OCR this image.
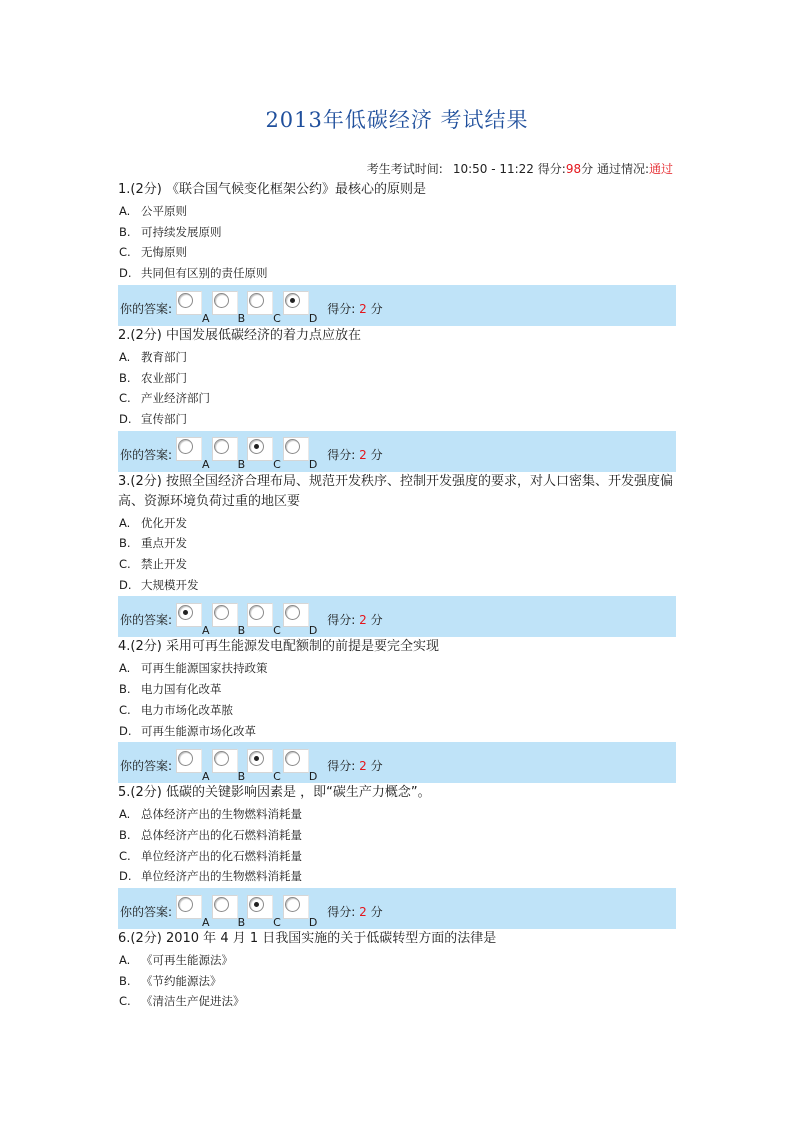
2013年低碳经济 考试结果
考生考试时间: 10:50 - 11:22 得分:98分 通过情况:通过
1.(2分) 《联合国气候变化框架公约》最核心的原则是
A. 公平原则
B. 可持续发展原则
C. 无悔原则
D. 共同但有区别的责任原则
你的答案:
A	B	C	D
得分: 2 分
2.(2分) 中国发展低碳经济的着力点应放在
A. 教育部门
B. 农业部门
C. 产业经济部门
D. 宣传部门
你的答案:
A	B	C	D
得分: 2 分
3.(2分) 按照全国经济合理布局、规范开发秩序、控制开发强度的要求，对人口密集、开发强度偏高、资源环境负荷过重的地区要
A. 优化开发
B. 重点开发
C. 禁止开发
D. 大规模开发
你的答案:
A	B	C	D
得分: 2 分
4.(2分) 采用可再生能源发电配额制的前提是要完全实现
A. 可再生能源国家扶持政策
B. 电力国有化改革
C. 电力市场化改革脓
D. 可再生能源市场化改革
你的答案:
A	B	C	D
得分: 2 分
5.(2分) 低碳的关键影响因素是 ，即“碳生产力概念”。
A. 总体经济产出的生物燃料消耗量
B. 总体经济产出的化石燃料消耗量
C. 单位经济产出的化石燃料消耗量
D. 单位经济产出的生物燃料消耗量
你的答案:
A	B	C	D
得分: 2 分
6.(2分) 2010 年 4 月 1 日我国实施的关于低碳转型方面的法律是
A. 《可再生能源法》
B. 《节约能源法》
C. 《清洁生产促进法》
